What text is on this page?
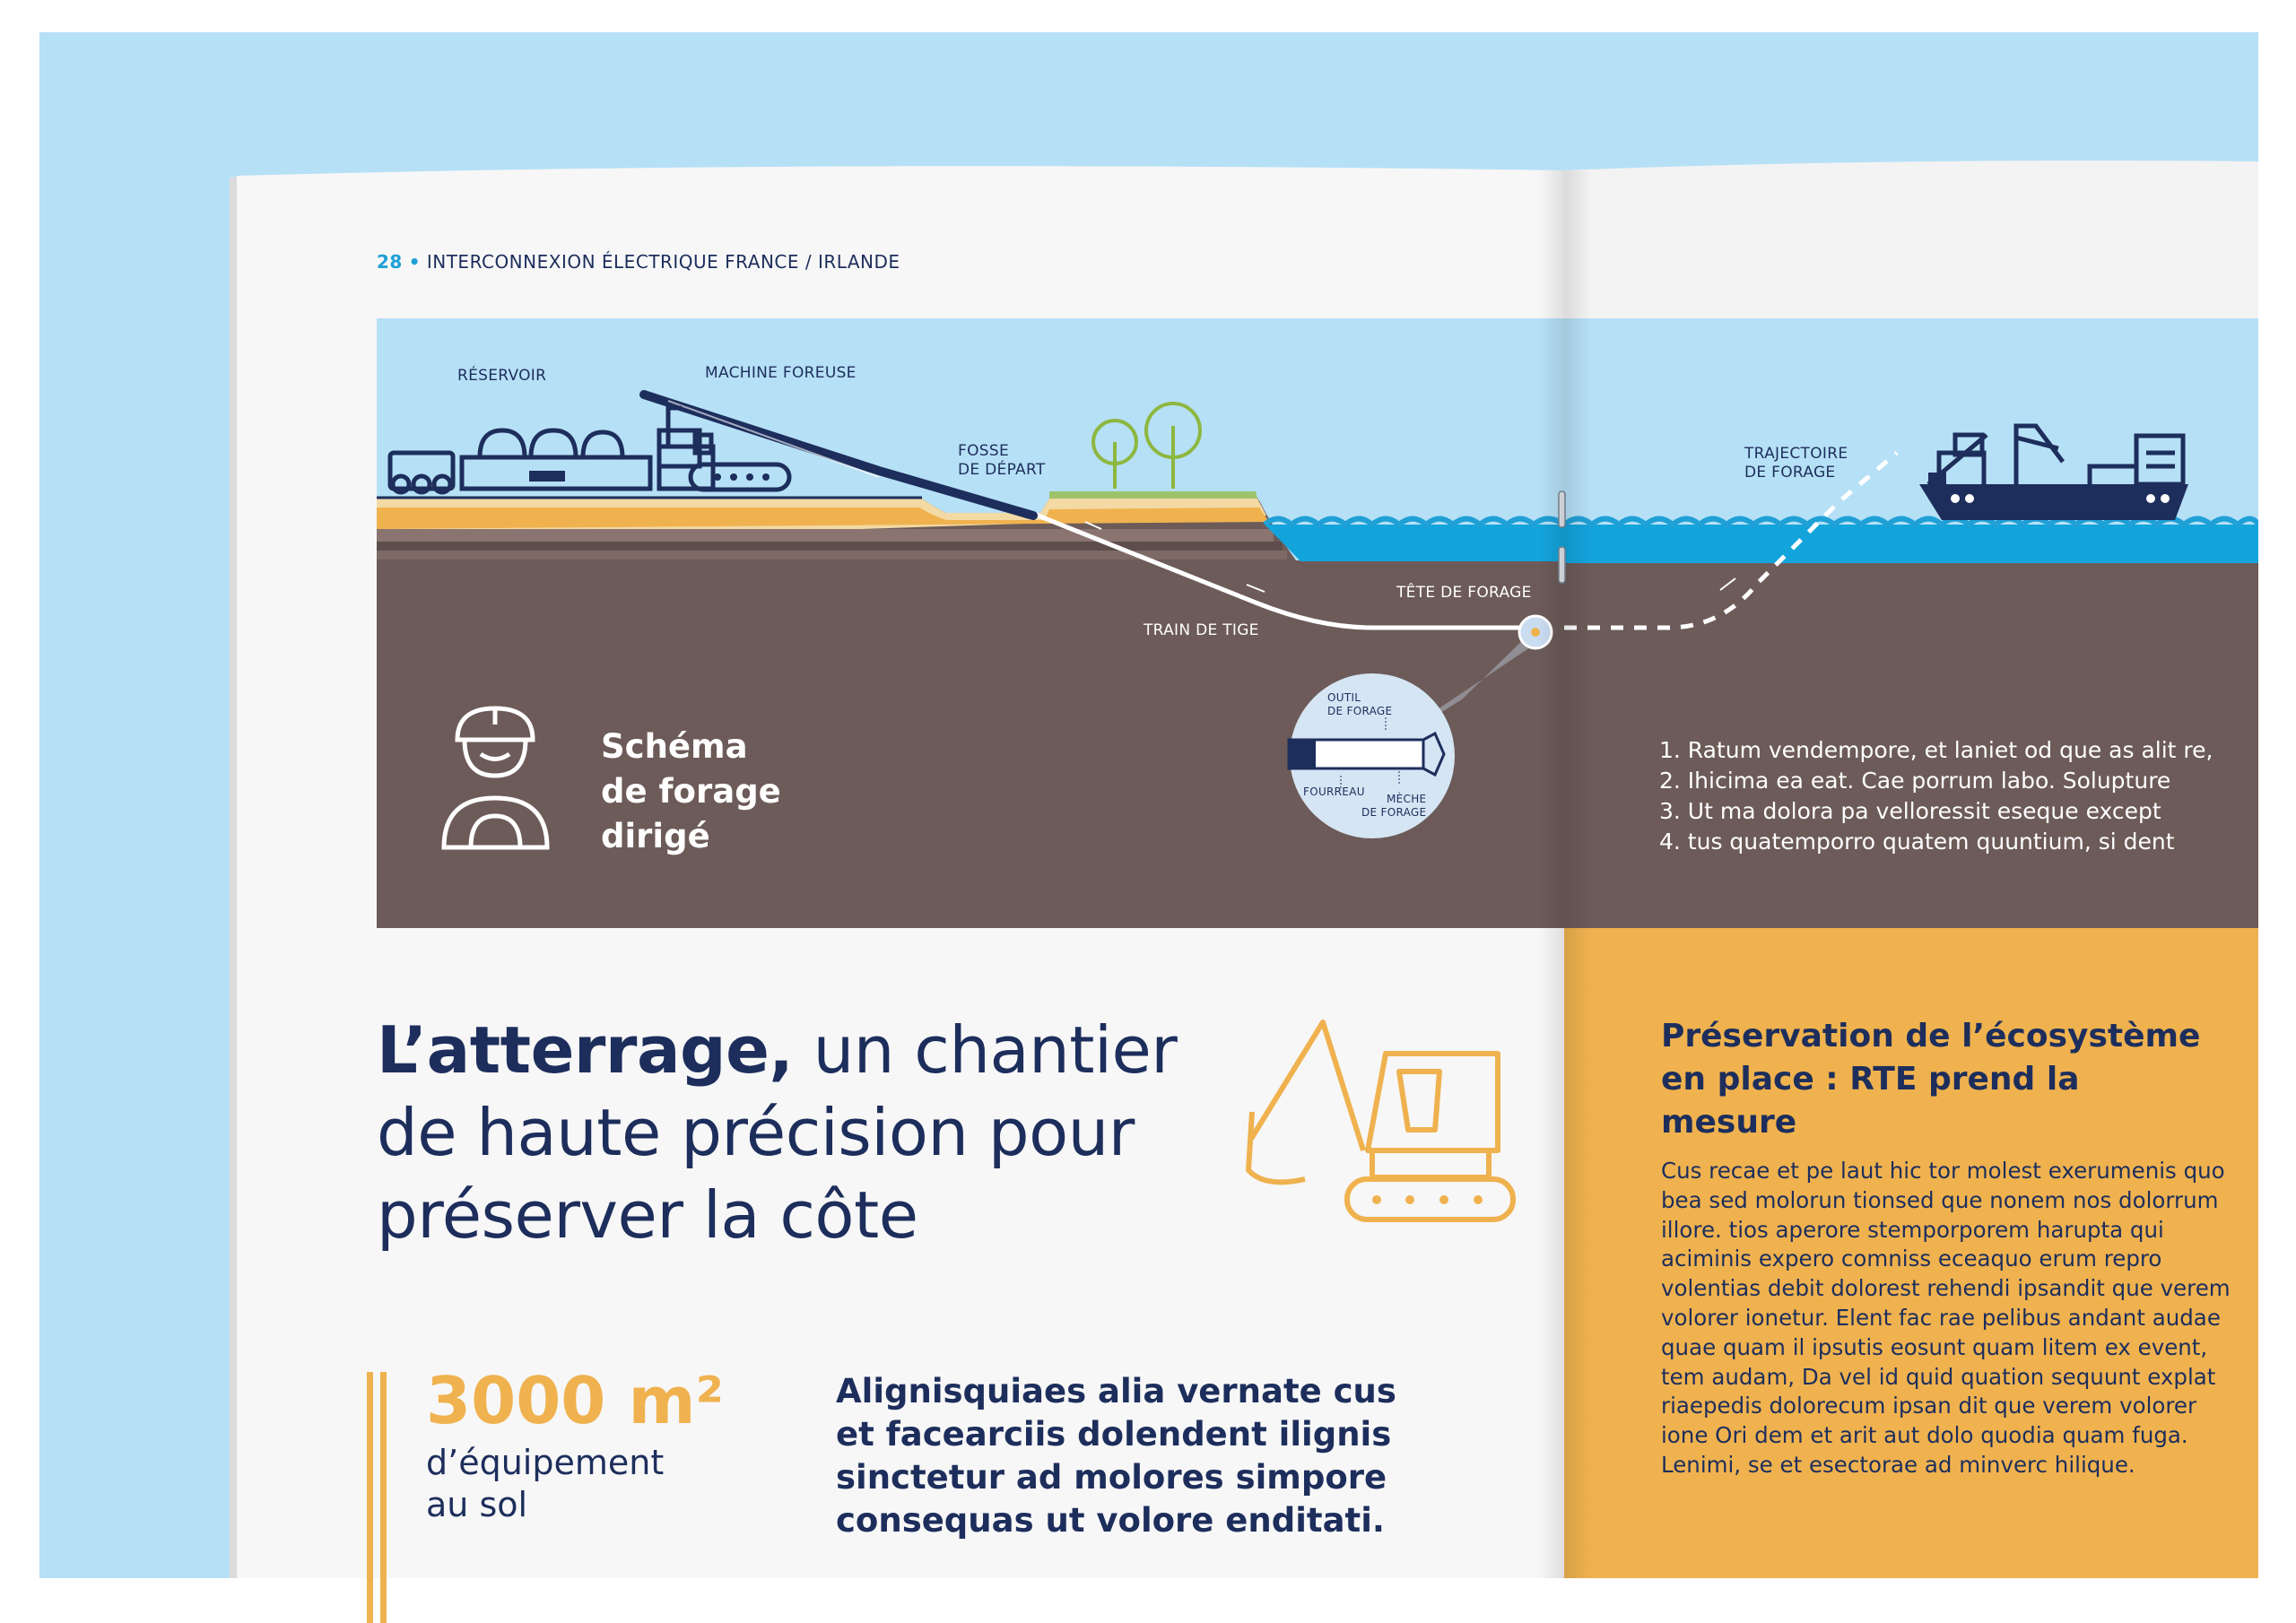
28 • INTERCONNEXION ÉLECTRIQUE FRANCE / IRLANDE
RÉSERVOIR	MACHINE FOREUSE
FOSSE
DE DÉPART
TRAJECTOIRE
DE FORAGE
TÊTE DE FORAGE
TRAIN DE TIGE
OUTIL
DE FORAGE
FOURREAU
MÈCHE
DE FORAGE
Schéma
de forage
dirigé
1. Ratum vendempore, et laniet od que as alit re,
2. Ihicima ea eat. Cae porrum labo. Solupture
3. Ut ma dolora pa velloressit eseque except
4. tus quatemporro quatem quuntium, si dent
L’atterrage, un chantier de haute précision pour préserver la côte
3000 m²
d’équipement
au sol

Alignisquiaes alia vernate cus et facearciis dolendent ilignis sinctetur ad molores simpore consequas ut volore enditati.

Préservation de l’écosystème en place : RTE prend la mesure

Cus recae et pe laut hic tor molest exerumenis quo bea sed molorun tionsed que nonem nos dolorrum illore. tios aperore stemporporem harupta qui aciminis expero comniss eceaquo erum repro volentias debit dolorest rehendi ipsandit que verem volorer ionetur. Elent fac rae pelibus andant audae quae quam il ipsutis eosunt quam litem ex event, tem audam, Da vel id quid quation sequunt explat riaepedis dolorecum ipsan dit que verem volorer ione Ori dem et arit aut dolo quodia quam fuga. Lenimi, se et esectorae ad minverc hilique.
